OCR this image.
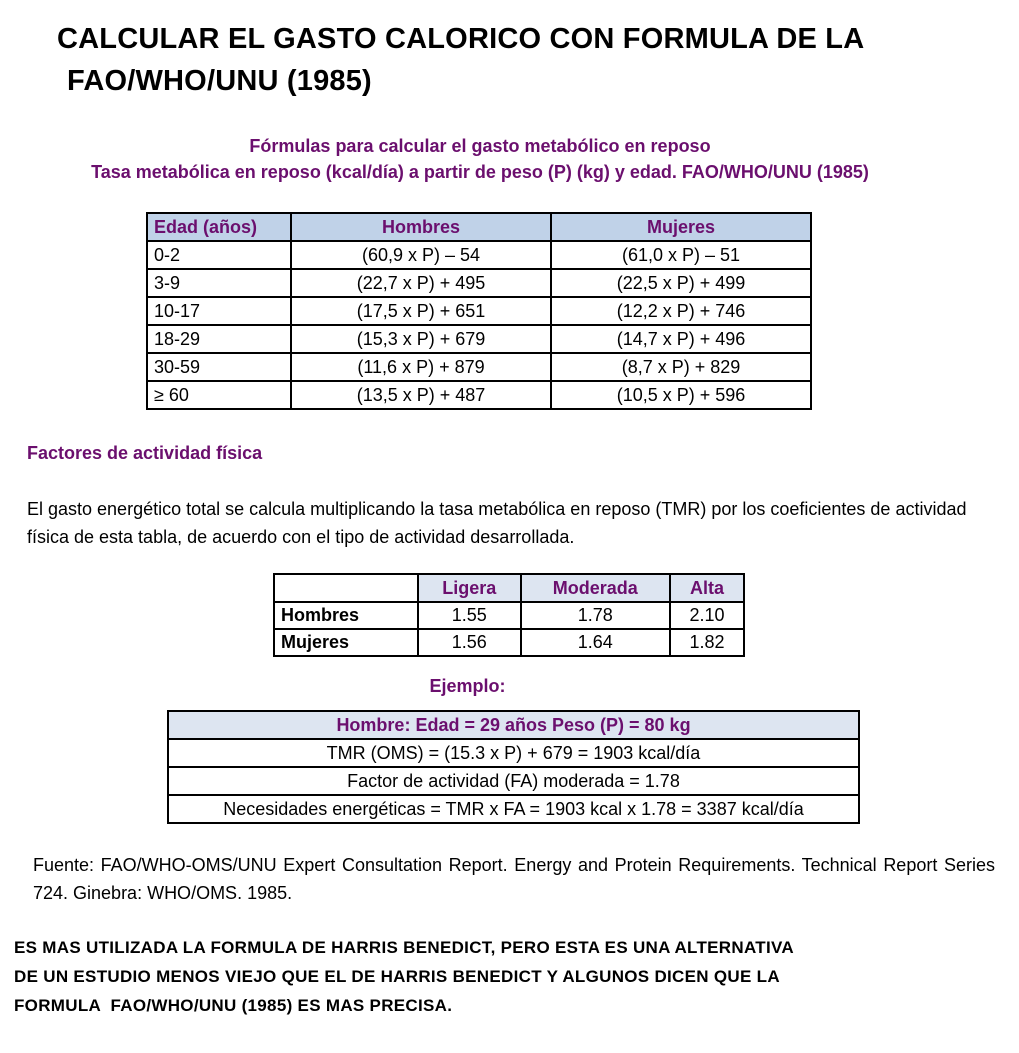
CALCULAR EL GASTO CALORICO CON FORMULA DE LA
FAO/WHO/UNU (1985)
Fórmulas para calcular el gasto metabólico en reposo
Tasa metabólica en reposo (kcal/día) a partir de peso (P) (kg) y edad. FAO/WHO/UNU (1985)
Edad (años)	Hombres	Mujeres
0-2	(60,9 x P) – 54	(61,0 x P) – 51
3-9	(22,7 x P) + 495	(22,5 x P) + 499
10-17	(17,5 x P) + 651	(12,2 x P) + 746
18-29	(15,3 x P) + 679	(14,7 x P) + 496
30-59	(11,6 x P) + 879	(8,7 x P) + 829
≥ 60	(13,5 x P) + 487	(10,5 x P) + 596
Factores de actividad física
El gasto energético total se calcula multiplicando la tasa metabólica en reposo (TMR) por los coeficientes de actividad física de esta tabla, de acuerdo con el tipo de actividad desarrollada.
	Ligera	Moderada	Alta
Hombres	1.55	1.78	2.10
Mujeres	1.56	1.64	1.82
Ejemplo:
Hombre: Edad = 29 años Peso (P) = 80 kg
TMR (OMS) = (15.3 x P) + 679 = 1903 kcal/día
Factor de actividad (FA) moderada = 1.78
Necesidades energéticas = TMR x FA = 1903 kcal x 1.78 = 3387 kcal/día
Fuente: FAO/WHO-OMS/UNU Expert Consultation Report. Energy and Protein Requirements. Technical Report Series 724. Ginebra: WHO/OMS. 1985.
ES MAS UTILIZADA LA FORMULA DE HARRIS BENEDICT, PERO ESTA ES UNA ALTERNATIVA
DE UN ESTUDIO MENOS VIEJO QUE EL DE HARRIS BENEDICT Y ALGUNOS DICEN QUE LA
FORMULA  FAO/WHO/UNU (1985) ES MAS PRECISA.
